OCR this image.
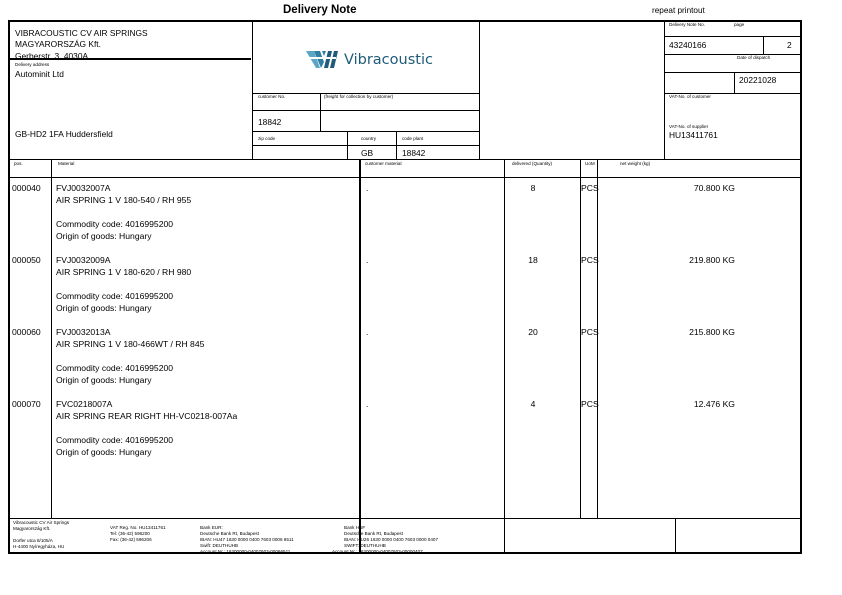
Delivery Note	repeat printout
VIBRACOUSTIC CV AIR SPRINGS
MAGYARORSZÁG Kft.
Gerberstr. 3, 4030A
Delivery address
Autominit Ltd
GB-HD2 1FA Huddersfield
Vibracoustic
customer No.	(freight for collection by customer)
18842
zip code	country	code plant
GB	18842
Delivery Note No.	page
43240166	2
Date of dispatch
20221028
VAT-No. of customer
VAT-No. of supplier
HU13411761
pos.	Material	customer material	delivered (Quantity)	UoM	net weight (kg)
000040 FVJ0032007A
AIR SPRING 1 V 180-540 / RH 955
Commodity code: 4016995200
Origin of goods: Hungary
.	8	PCS	70.800 KG
000050 FVJ0032009A
AIR SPRING 1 V 180-620 / RH 980
Commodity code: 4016995200
Origin of goods: Hungary
.	18	PCS	219.800 KG
000060 FVJ0032013A
AIR SPRING 1 V 180-466WT / RH 845
Commodity code: 4016995200
Origin of goods: Hungary
.	20	PCS	215.800 KG
000070 FVC0218007A
AIR SPRING REAR RIGHT HH-VC0218-007Aa
Commodity code: 4016995200
Origin of goods: Hungary
.	4	PCS	12.476 KG
Vibracoustic CV Air Springs
Magyarország Kft.
Dorfer utca 8/105/A
H-4400 Nyíregyháza, HU
VAT Reg. No. HU13411761
Tel: (36-42) 596200
Fax: (36-42) 596206
Bank EUR:
Deutsche Bank Rt, Budapest
IBAN: HU47 1630 0000 0400 7603 0006 6511
Swift: DEUTHUHB
Account Nr.: 16300000-04007603-00066511
Bank HUF
Deutsche Bank Rt, Budapest
IBAN: HU26 1630 0000 0400 7603 0000 0407
SWIFT: DEUTHUHB
Account Nr.: 16300000-04007603-00000407
